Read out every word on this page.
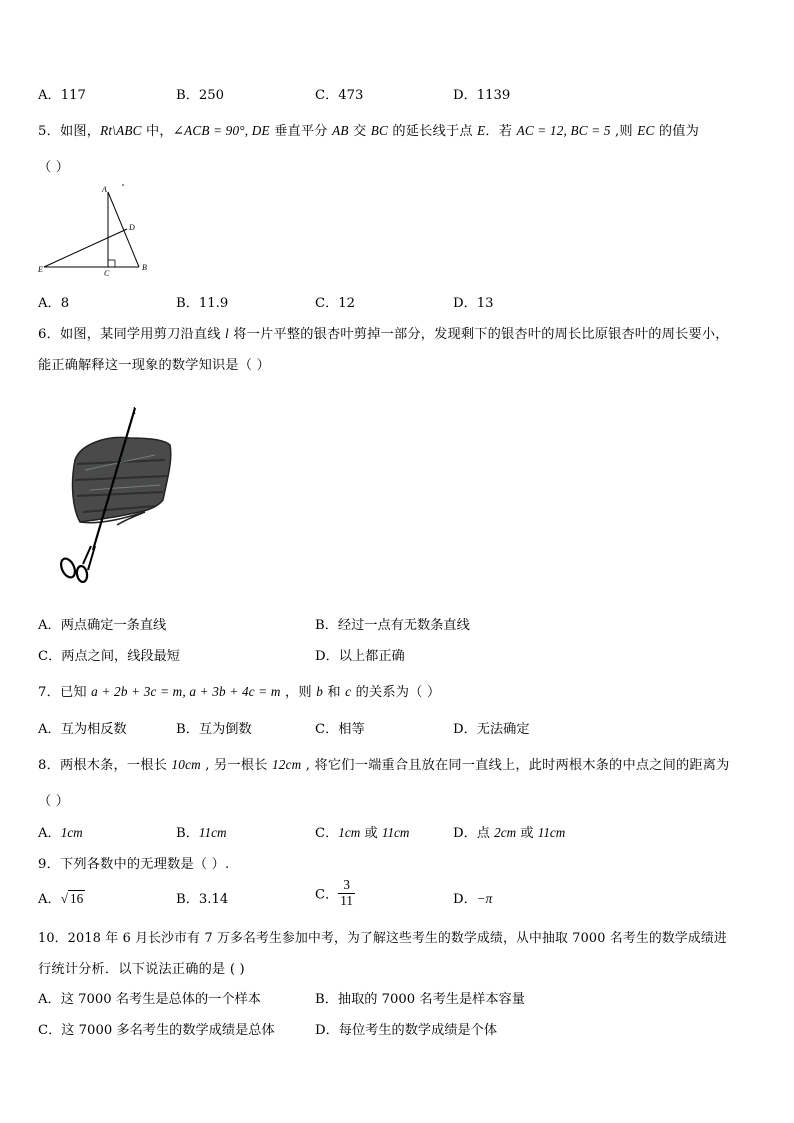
A．117	B．250	C．473	D．1139
5．如图，Rt\ABC 中，∠ACB = 90°, DE 垂直平分 AB 交 BC 的延长线于点 E．若 AC = 12, BC = 5 ,则 EC 的值为
（ ）
A
D
B
C
E
A．8	B．11.9	C．12	D．13
6．如图，某同学用剪刀沿直线 l 将一片平整的银杏叶剪掉一部分，发现剩下的银杏叶的周长比原银杏叶的周长要小，
能正确解释这一现象的数学知识是（ ）
l
A．两点确定一条直线	B．经过一点有无数条直线
C．两点之间，线段最短	D．以上都正确
7．已知 a + 2b + 3c = m, a + 3b + 4c = m ，则 b 和 c 的关系为（ ）
A．互为相反数	B．互为倒数	C．相等	D．无法确定
8．两根木条，一根长 10cm , 另一根长 12cm , 将它们一端重合且放在同一直线上，此时两根木条的中点之间的距离为
（ ）
A．1cm	B．11cm	C．1cm 或 11cm	D．点 2cm 或 11cm
9．下列各数中的无理数是（ ）.
A．√ 16	B．3.14	C． $\frac{3}{11}$	D．−π
10．2018 年 6 月长沙市有 7 万多名考生参加中考，为了解这些考生的数学成绩，从中抽取 7000 名考生的数学成绩进
行统计分析．以下说法正确的是 ( )
A．这 7000 名考生是总体的一个样本	B．抽取的 7000 名考生是样本容量
C．这 7000 多名考生的数学成绩是总体	D．每位考生的数学成绩是个体
